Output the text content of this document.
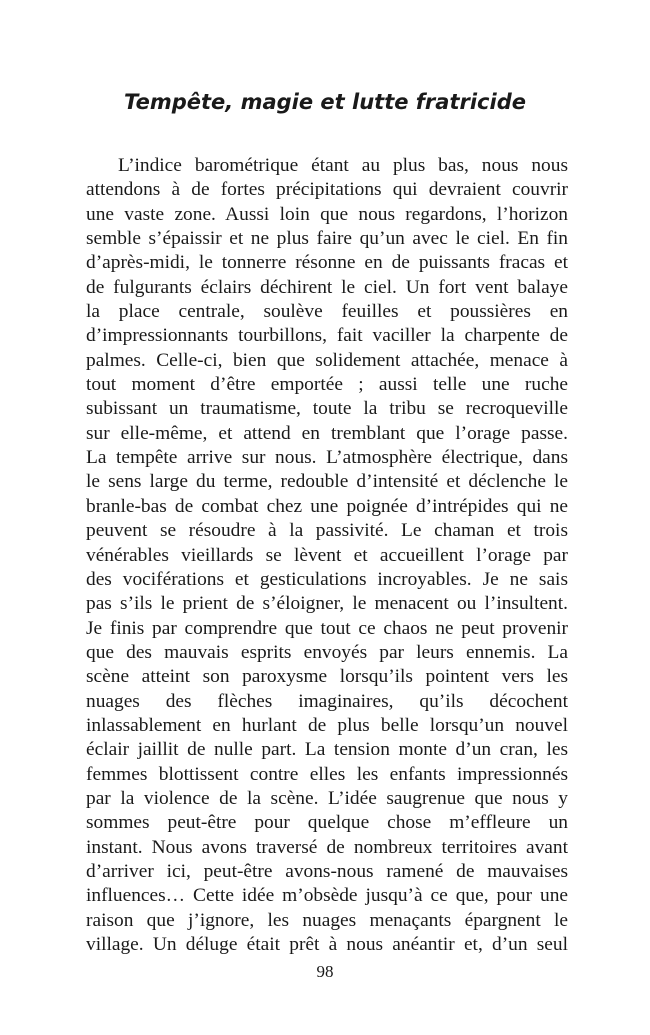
Tempête, magie et lutte fratricide
L’indice barométrique étant au plus bas, nous nous
attendons à de fortes précipitations qui devraient couvrir
une vaste zone. Aussi loin que nous regardons, l’horizon
semble s’épaissir et ne plus faire qu’un avec le ciel. En fin
d’après-midi, le tonnerre résonne en de puissants fracas et
de fulgurants éclairs déchirent le ciel. Un fort vent balaye
la place centrale, soulève feuilles et poussières en
d’impressionnants tourbillons, fait vaciller la charpente de
palmes. Celle-ci, bien que solidement attachée, menace à
tout moment d’être emportée ; aussi telle une ruche
subissant un traumatisme, toute la tribu se recroqueville
sur elle-même, et attend en tremblant que l’orage passe.
La tempête arrive sur nous. L’atmosphère électrique, dans
le sens large du terme, redouble d’intensité et déclenche le
branle-bas de combat chez une poignée d’intrépides qui ne
peuvent se résoudre à la passivité. Le chaman et trois
vénérables vieillards se lèvent et accueillent l’orage par
des vociférations et gesticulations incroyables. Je ne sais
pas s’ils le prient de s’éloigner, le menacent ou l’insultent.
Je finis par comprendre que tout ce chaos ne peut provenir
que des mauvais esprits envoyés par leurs ennemis. La
scène atteint son paroxysme lorsqu’ils pointent vers les
nuages des flèches imaginaires, qu’ils décochent
inlassablement en hurlant de plus belle lorsqu’un nouvel
éclair jaillit de nulle part. La tension monte d’un cran, les
femmes blottissent contre elles les enfants impressionnés
par la violence de la scène. L’idée saugrenue que nous y
sommes peut-être pour quelque chose m’effleure un
instant. Nous avons traversé de nombreux territoires avant
d’arriver ici, peut-être avons-nous ramené de mauvaises
influences… Cette idée m’obsède jusqu’à ce que, pour une
raison que j’ignore, les nuages menaçants épargnent le
village. Un déluge était prêt à nous anéantir et, d’un seul
98
